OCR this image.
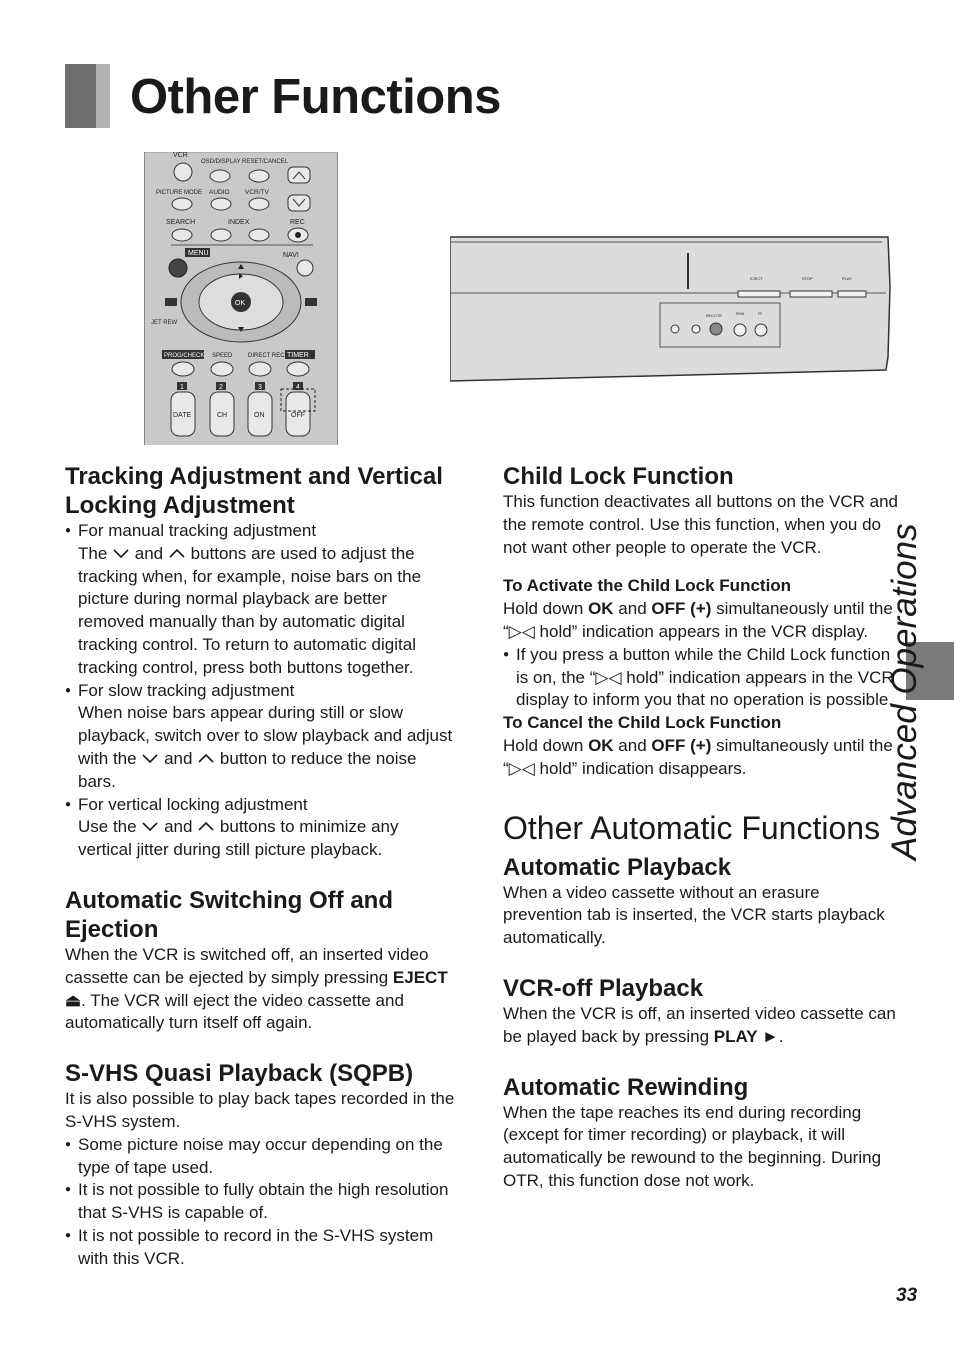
Other Functions
VCR
OSD/DISPLAY RESET/CANCEL
PICTURE MODE AUDIO VCR/TV
SEARCH	INDEX	REC
MENU	NAVI
OK
JET REW
PROG/CHECK SPEED	DIRECT REC TIMER
1	2	3	4
DATE	CH	ON	OFF
EJECT	STOP	PLAY
REC/OTR	REW	FF
Tracking Adjustment and Vertical Locking Adjustment

● For manual tracking adjustment

The and buttons are used to adjust the tracking when, for example, noise bars on the picture during normal playback are better removed manually than by automatic digital tracking control. To return to automatic digital tracking control, press both buttons together.

● For slow tracking adjustment

When noise bars appear during still or slow playback, switch over to slow playback and adjust with the and button to reduce the noise bars.

● For vertical locking adjustment

Use the and buttons to minimize any vertical jitter during still picture playback.

Automatic Switching Off and Ejection

When the VCR is switched off, an inserted video cassette can be ejected by simply pressing EJECT ⏏. The VCR will eject the video cassette and automatically turn itself off again.

S-VHS Quasi Playback (SQPB)

It is also possible to play back tapes recorded in the S-VHS system.

● Some picture noise may occur depending on the type of tape used.

● It is not possible to fully obtain the high resolution that S-VHS is capable of.

● It is not possible to record in the S-VHS system with this VCR.

Child Lock Function

This function deactivates all buttons on the VCR and the remote control. Use this function, when you do not want other people to operate the VCR.

To Activate the Child Lock Function

Hold down OK and OFF (+) simultaneously until the “▷◁ hold” indication appears in the VCR display.

● If you press a button while the Child Lock function is on, the “▷◁ hold” indication appears in the VCR display to inform you that no operation is possible.

To Cancel the Child Lock Function

Hold down OK and OFF (+) simultaneously until the “▷◁ hold” indication disappears.

Other Automatic Functions
Automatic Playback

When a video cassette without an erasure prevention tab is inserted, the VCR starts playback automatically.

VCR-off Playback

When the VCR is off, an inserted video cassette can be played back by pressing PLAY ►.

Automatic Rewinding

When the tape reaches its end during recording (except for timer recording) or playback, it will automatically be rewound to the beginning. During OTR, this function dose not work.

Advanced Operations
33
